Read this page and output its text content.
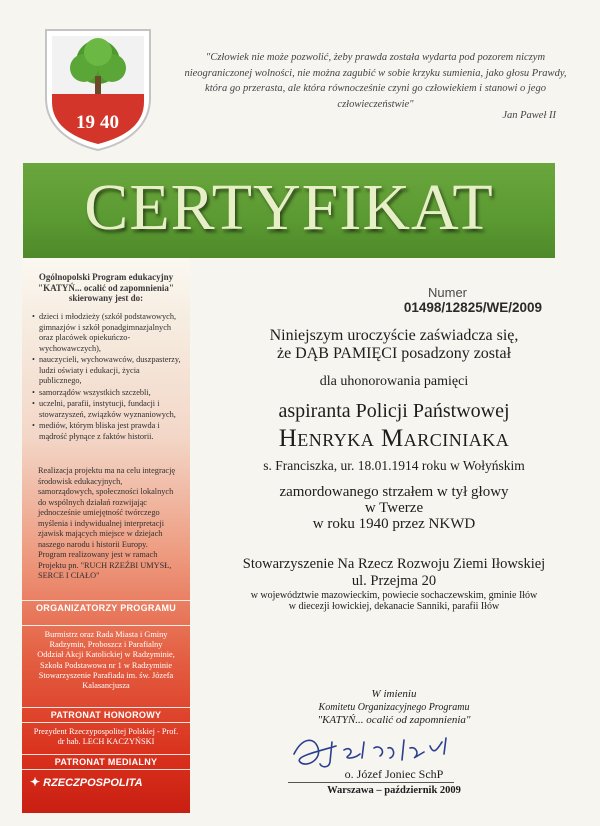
19 40
"Człowiek nie może pozwolić, żeby prawda została wydarta pod pozorem niczym nieograniczonej wolności, nie można zagubić w sobie krzyku sumienia, jako głosu Prawdy, która go przerasta, ale która równocześnie czyni go człowiekiem i stanowi o jego człowieczeństwie"
Jan Paweł II
CERTYFIKAT
Ogólnopolski Program edukacyjny "KATYŃ... ocalić od zapomnienia" skierowany jest do:
• dzieci i młodzieży (szkół podstawowych, gimnazjów i szkół ponadgimnazjalnych oraz placówek opiekuńczo-wychowawczych),
• nauczycieli, wychowawców, duszpasterzy, ludzi oświaty i edukacji, życia publicznego,
• samorządów wszystkich szczebli,
• uczelni, parafii, instytucji, fundacji i stowarzyszeń, związków wyznaniowych,
• mediów, którym bliska jest prawda i mądrość płynące z faktów historii.
Realizacja projektu ma na celu integrację środowisk edukacyjnych, samorządowych, społeczności lokalnych do wspólnych działań rozwijając jednocześnie umiejętność twórczego myślenia i indywidualnej interpretacji zjawisk mających miejsce w dziejach naszego narodu i historii Europy. Program realizowany jest w ramach Projektu pn. "RUCH RZEŹBI UMYSŁ, SERCE I CIAŁO"
ORGANIZATORZY PROGRAMU
Burmistrz oraz Rada Miasta i Gminy Radzymin, Proboszcz i Parafialny Oddział Akcji Katolickiej w Radzyminie, Szkoła Podstawowa nr 1 w Radzyminie Stowarzyszenie Parafiada im. św. Józefa Kalasancjusza
PATRONAT HONOROWY
Prezydent Rzeczypospolitej Polskiej - Prof. dr hab. LECH KACZYŃSKI
PATRONAT MEDIALNY
✦ RZECZPOSPOLITA
Numer
01498/12825/WE/2009
Niniejszym uroczyście zaświadcza się,
że DĄB PAMIĘCI posadzony został
dla uhonorowania pamięci
aspiranta Policji Państwowej
Henryka Marciniaka
s. Franciszka, ur. 18.01.1914 roku w Wołyńskim
zamordowanego strzałem w tył głowy
w Twerze
w roku 1940 przez NKWD
Stowarzyszenie Na Rzecz Rozwoju Ziemi Iłowskiej
ul. Przejma 20
w województwie mazowieckim, powiecie sochaczewskim, gminie Iłów
w diecezji łowickiej, dekanacie Sanniki, parafii Iłów
W imieniu
Komitetu Organizacyjnego Programu
"KATYŃ... ocalić od zapomnienia"
o. Józef Joniec SchP
Warszawa – październik 2009
